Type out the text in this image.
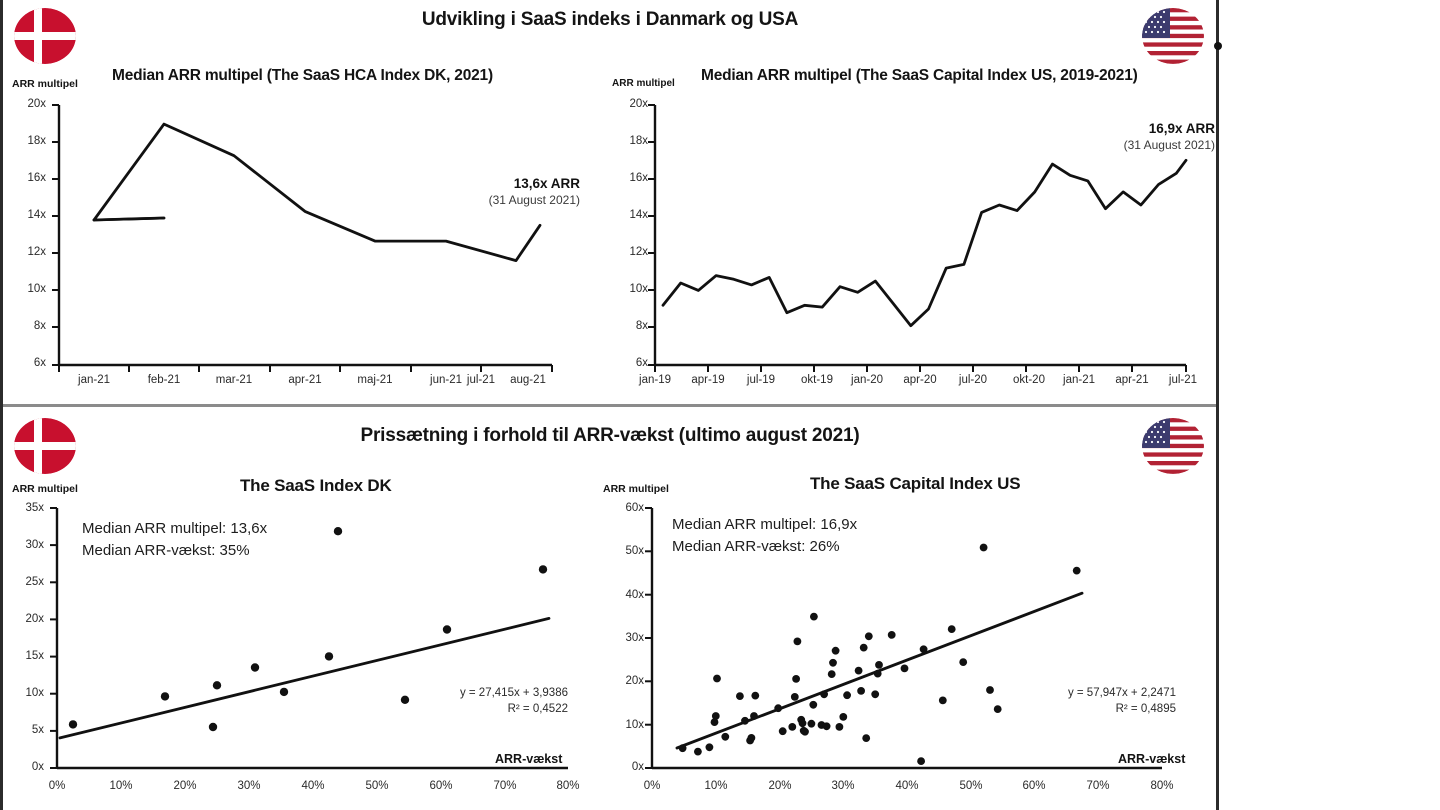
Udvikling i SaaS indeks i Danmark og USA
ARR multipel Median ARR multipel (The SaaS HCA Index DK, 2021)
20x
18x
16x
14x
12x
10x
8x
6x
jan-21	feb-21	mar-21	apr-21	maj-21	jun-21 jul-21	aug-21
13,6x ARR
(31 August 2021)
ARR multipel Median ARR multipel (The SaaS Capital Index US, 2019-2021)
20x
18x
16x
14x
12x
10x
8x
6x
jan-19	apr-19	jul-19	okt-19	jan-20	apr-20	jul-20	okt-20	jan-21	apr-21	jul-21
16,9x ARR
(31 August 2021)
Prissætning i forhold til ARR-vækst (ultimo august 2021)
ARR multipel	The SaaS Index DK
35x
30x
25x
20x
15x
10x
5x
0x
0%	10%	20%	30%	40%	50%	60%	70%	80%
Median ARR multipel: 13,6x
Median ARR-vækst: 35%
y = 27,415x + 3,9386
R² = 0,4522
ARR-vækst
ARR multipel	The SaaS Capital Index US
60x
50x
40x
30x
20x
10x
0x
0%	10%	20%	30%	40%	50%	60%	70%	80%
Median ARR multipel: 16,9x
Median ARR-vækst: 26%
y = 57,947x + 2,2471
R² = 0,4895
ARR-vækst
